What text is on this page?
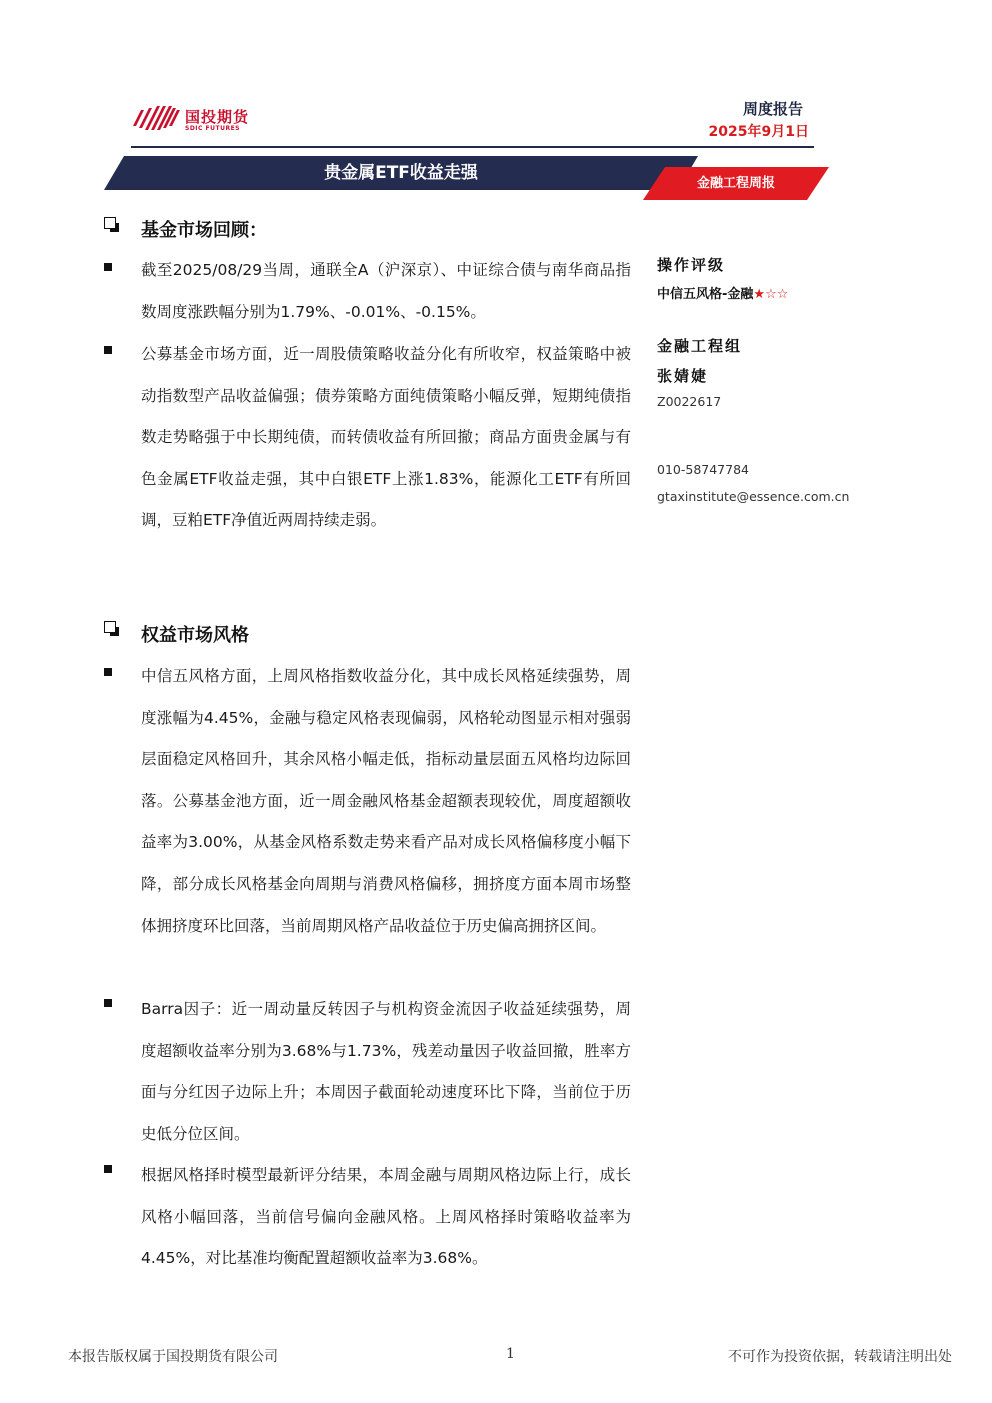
国投期货
SDIC FUTURES
周度报告
2025年9月1日
贵金属ETF收益走强
金融工程周报
基金市场回顾：
截至2025/08/29当周，通联全A（沪深京）、中证综合债与南华商品指数周度涨跌幅分别为1.79%、-0.01%、-0.15%。
公募基金市场方面，近一周股债策略收益分化有所收窄，权益策略中被动指数型产品收益偏强；债券策略方面纯债策略小幅反弹，短期纯债指数走势略强于中长期纯债，而转债收益有所回撤；商品方面贵金属与有色金属ETF收益走强，其中白银ETF上涨1.83%，能源化工ETF有所回调，豆粕ETF净值近两周持续走弱。
权益市场风格
中信五风格方面，上周风格指数收益分化，其中成长风格延续强势，周度涨幅为4.45%，金融与稳定风格表现偏弱，风格轮动图显示相对强弱层面稳定风格回升，其余风格小幅走低，指标动量层面五风格均边际回落。公募基金池方面，近一周金融风格基金超额表现较优，周度超额收益率为3.00%，从基金风格系数走势来看产品对成长风格偏移度小幅下降，部分成长风格基金向周期与消费风格偏移，拥挤度方面本周市场整体拥挤度环比回落，当前周期风格产品收益位于历史偏高拥挤区间。
Barra因子：近一周动量反转因子与机构资金流因子收益延续强势，周度超额收益率分别为3.68%与1.73%，残差动量因子收益回撤，胜率方面与分红因子边际上升；本周因子截面轮动速度环比下降，当前位于历史低分位区间。
根据风格择时模型最新评分结果，本周金融与周期风格边际上行，成长风格小幅回落，当前信号偏向金融风格。上周风格择时策略收益率为4.45%，对比基准均衡配置超额收益率为3.68%。
操作评级
中信五风格-金融★☆☆
金融工程组
张婧婕
Z0022617
010-58747784
gtaxinstitute@essence.com.cn
本报告版权属于国投期货有限公司	1	不可作为投资依据，转载请注明出处
